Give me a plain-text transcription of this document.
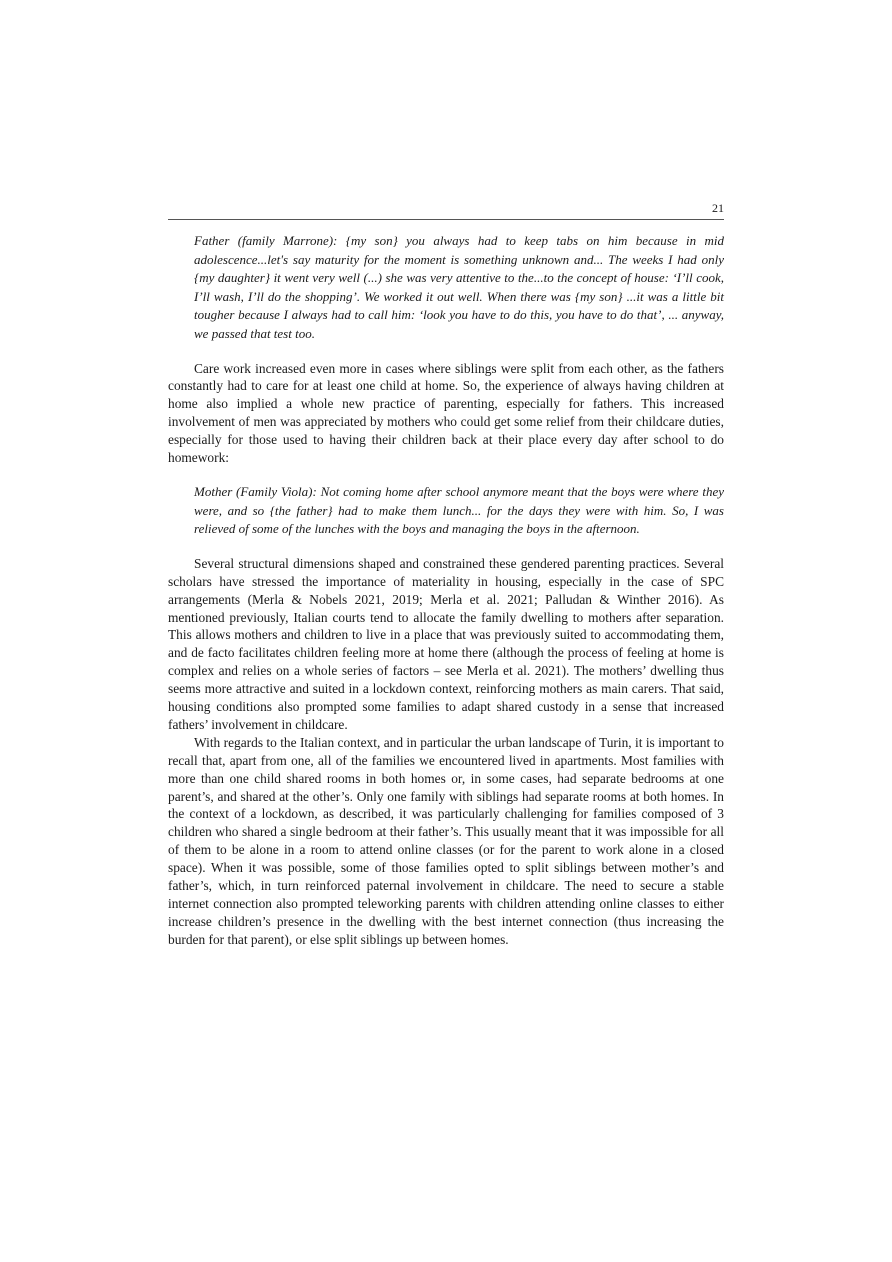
21

Father (family Marrone): {my son} you always had to keep tabs on him because in mid adolescence...let's say maturity for the moment is something unknown and... The weeks I had only {my daughter} it went very well (...) she was very attentive to the...to the concept of house: ‘I’ll cook, I’ll wash, I’ll do the shopping’. We worked it out well. When there was {my son} ...it was a little bit tougher because I always had to call him: ‘look you have to do this, you have to do that’, ... anyway, we passed that test too.

Care work increased even more in cases where siblings were split from each other, as the fathers constantly had to care for at least one child at home. So, the experience of always having children at home also implied a whole new practice of parenting, especially for fathers. This increased involvement of men was appreciated by mothers who could get some relief from their childcare duties, especially for those used to having their children back at their place every day after school to do homework:

Mother (Family Viola): Not coming home after school anymore meant that the boys were where they were, and so {the father} had to make them lunch... for the days they were with him. So, I was relieved of some of the lunches with the boys and managing the boys in the afternoon.

Several structural dimensions shaped and constrained these gendered parenting practices. Several scholars have stressed the importance of materiality in housing, especially in the case of SPC arrangements (Merla & Nobels 2021, 2019; Merla et al. 2021; Palludan & Winther 2016). As mentioned previously, Italian courts tend to allocate the family dwelling to mothers after separation. This allows mothers and children to live in a place that was previously suited to accommodating them, and de facto facilitates children feeling more at home there (although the process of feeling at home is complex and relies on a whole series of factors – see Merla et al. 2021). The mothers’ dwelling thus seems more attractive and suited in a lockdown context, reinforcing mothers as main carers. That said, housing conditions also prompted some families to adapt shared custody in a sense that increased fathers’ involvement in childcare.

With regards to the Italian context, and in particular the urban landscape of Turin, it is important to recall that, apart from one, all of the families we encountered lived in apartments. Most families with more than one child shared rooms in both homes or, in some cases, had separate bedrooms at one parent’s, and shared at the other’s. Only one family with siblings had separate rooms at both homes. In the context of a lockdown, as described, it was particularly challenging for families composed of 3 children who shared a single bedroom at their father’s. This usually meant that it was impossible for all of them to be alone in a room to attend online classes (or for the parent to work alone in a closed space). When it was possible, some of those families opted to split siblings between mother’s and father’s, which, in turn reinforced paternal involvement in childcare. The need to secure a stable internet connection also prompted teleworking parents with children attending online classes to either increase children’s presence in the dwelling with the best internet connection (thus increasing the burden for that parent), or else split siblings up between homes.
